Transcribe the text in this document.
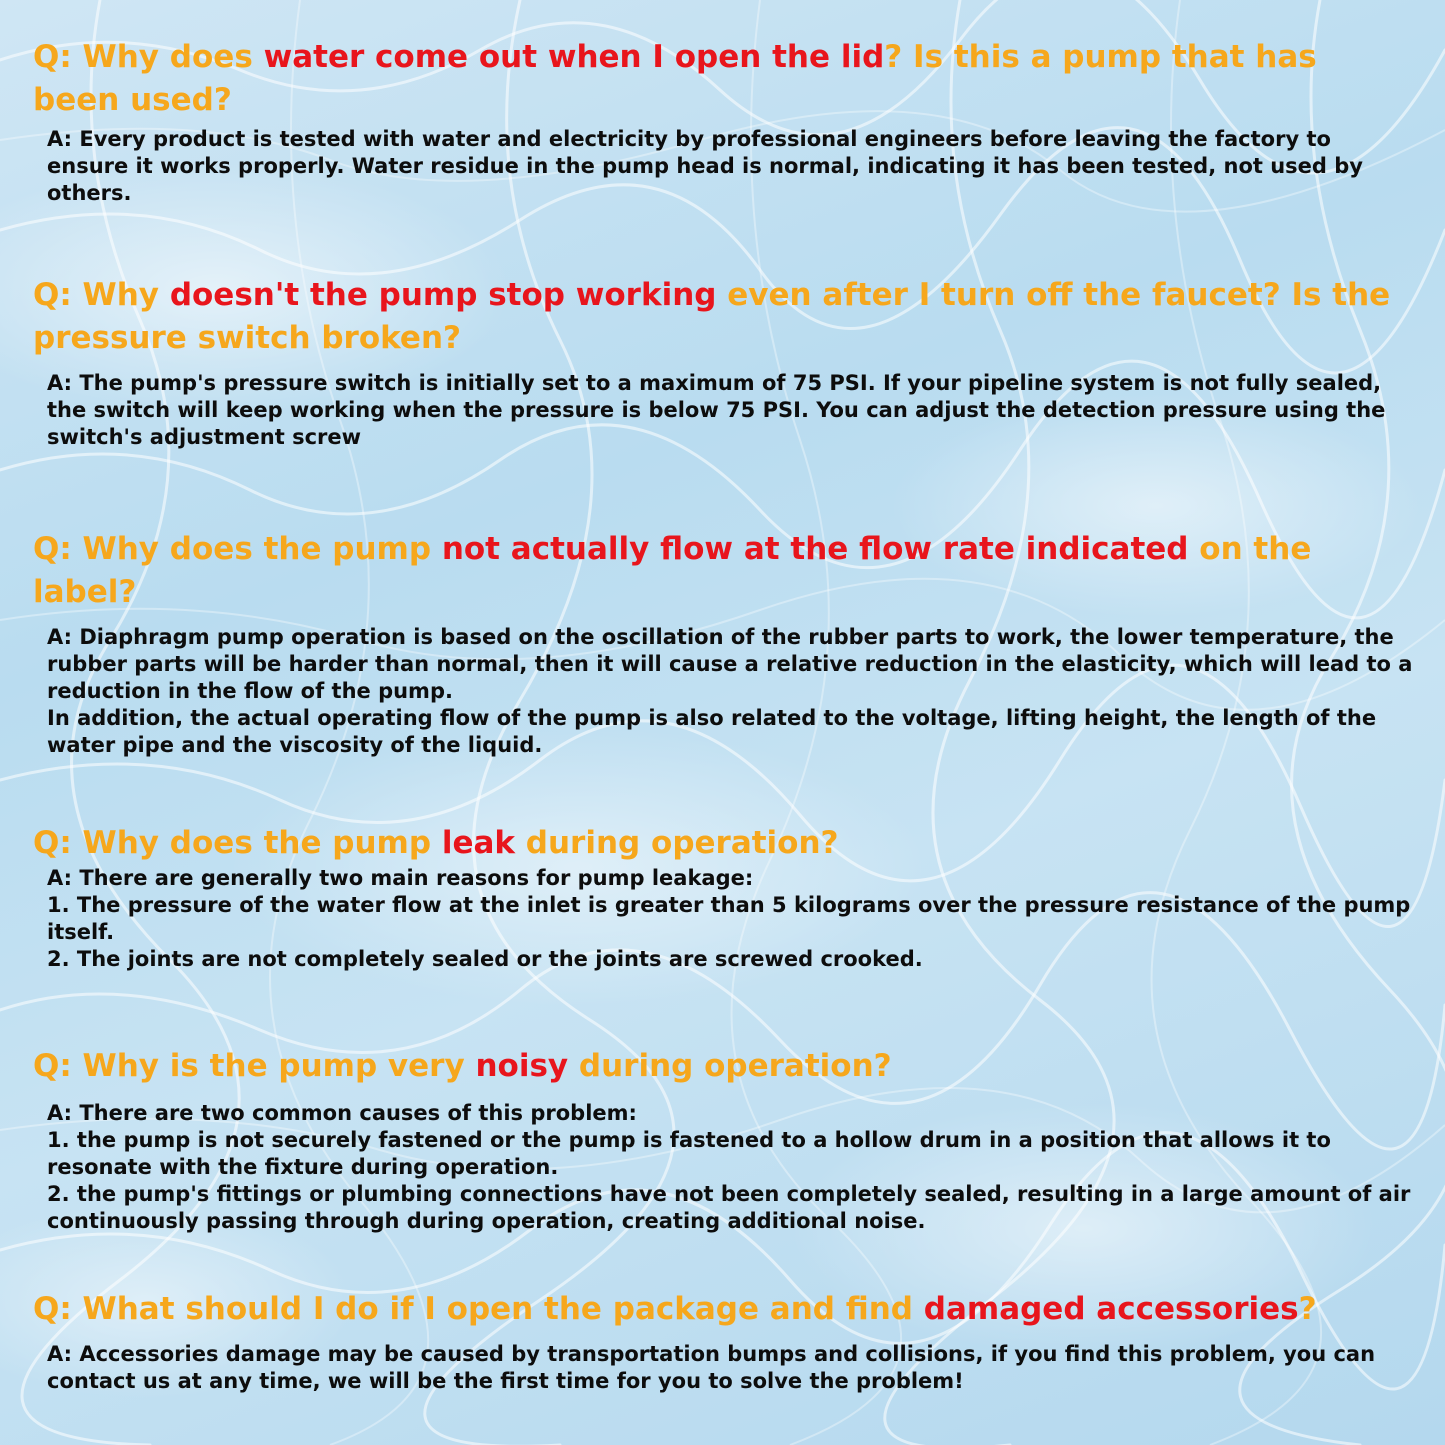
Q: Why does water come out when I open the lid? Is this a pump that has been used?

A: Every product is tested with water and electricity by professional engineers before leaving the factory to ensure it works properly. Water residue in the pump head is normal, indicating it has been tested, not used by others.

Q: Why doesn't the pump stop working even after I turn off the faucet? Is the pressure switch broken?

A: The pump's pressure switch is initially set to a maximum of 75 PSI. If your pipeline system is not fully sealed, the switch will keep working when the pressure is below 75 PSI. You can adjust the detection pressure using the switch's adjustment screw

Q: Why does the pump not actually flow at the flow rate indicated on the label?

A: Diaphragm pump operation is based on the oscillation of the rubber parts to work, the lower temperature, the rubber parts will be harder than normal, then it will cause a relative reduction in the elasticity, which will lead to a reduction in the flow of the pump.

In addition, the actual operating flow of the pump is also related to the voltage, lifting height, the length of the water pipe and the viscosity of the liquid.

Q: Why does the pump leak during operation?

A: There are generally two main reasons for pump leakage:

1. The pressure of the water flow at the inlet is greater than 5 kilograms over the pressure resistance of the pump itself.

2. The joints are not completely sealed or the joints are screwed crooked.

Q: Why is the pump very noisy during operation?

A: There are two common causes of this problem:

1. the pump is not securely fastened or the pump is fastened to a hollow drum in a position that allows it to resonate with the fixture during operation.

2. the pump's fittings or plumbing connections have not been completely sealed, resulting in a large amount of air continuously passing through during operation, creating additional noise.

Q: What should I do if I open the package and find damaged accessories?

A: Accessories damage may be caused by transportation bumps and collisions, if you find this problem, you can contact us at any time, we will be the first time for you to solve the problem!
